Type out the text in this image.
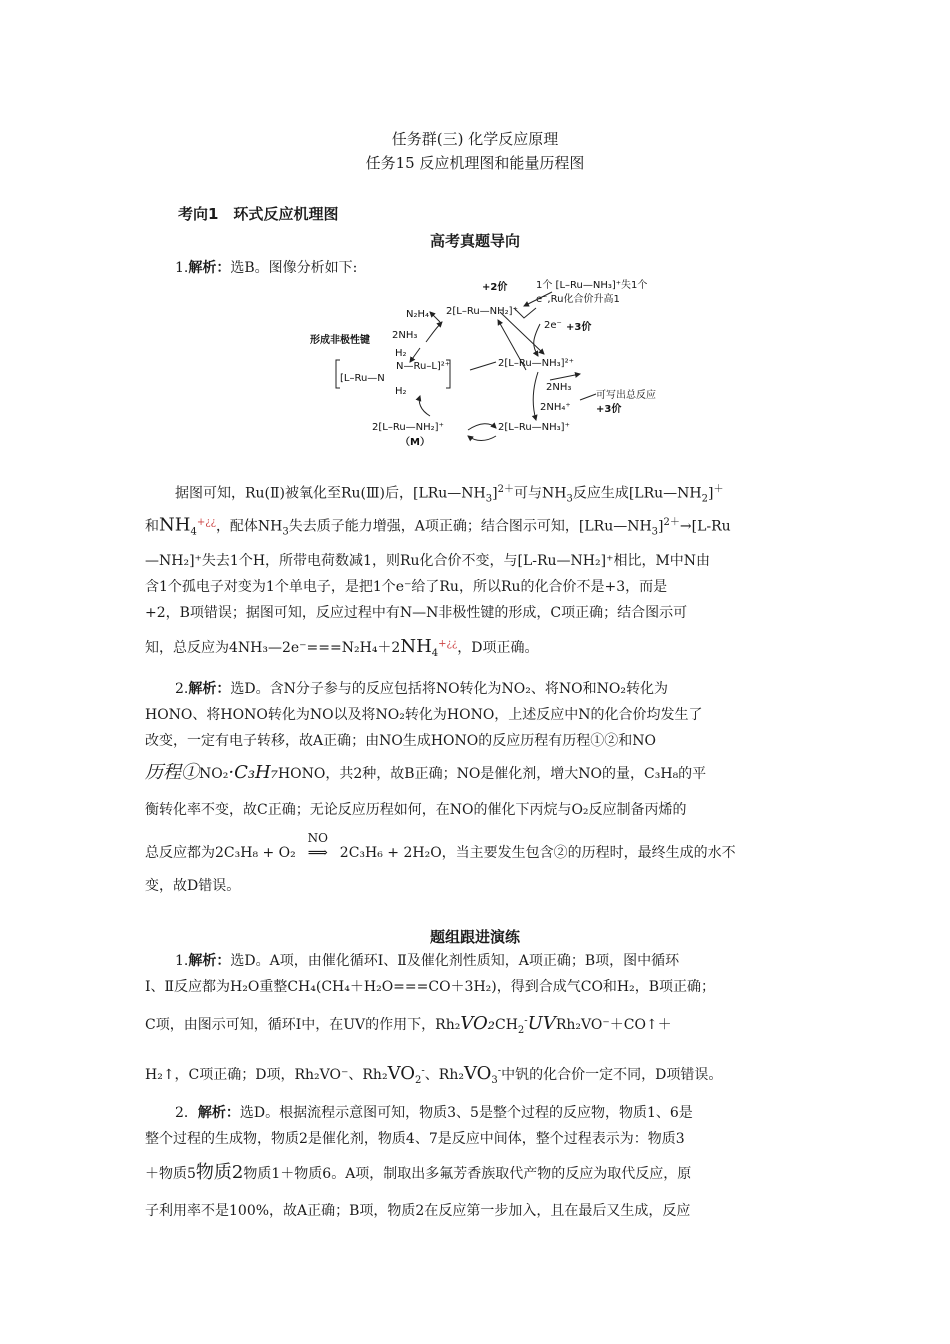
任务群(三) 化学反应原理
任务15 反应机理图和能量历程图
考向1　环式反应机理图
高考真题导向
1.解析：选B。图像分析如下:
+2价	1个 [L–Ru—NH₃]⁺失1个
e⁻,Ru化合价升高1
N₂H₄ 2[L–Ru—NH₂]⁺
2e⁻ +3价
2NH₃
形成非极性键
H₂
N—Ru–L]²⁺
[L–Ru—N
H₂
2[L–Ru—NH₃]²⁺
2NH₃
可写出总反应
2NH₄⁺	+3价
2[L–Ru—NH₂]⁺
（M）
2[L–Ru—NH₃]⁺
据图可知，Ru(Ⅱ)被氧化至Ru(Ⅲ)后，$[LRu—NH_3]^{2+}$可与$NH_3$反应生成$[LRu—NH_2]^+$
和$NH_4^{+¿¿}$，配体$NH_3$失去质子能力增强，A项正确；结合图示可知，$[LRu—NH_3]^{2+}\to[L-Ru$
—NH₂]⁺失去1个H，所带电荷数减1，则Ru化合价不变，与[L-Ru—NH₂]⁺相比，M中N由
含1个孤电子对变为1个单电子，是把1个e⁻给了Ru，所以Ru的化合价不是+3，而是
+2，B项错误；据图可知，反应过程中有N—N非极性键的形成，C项正确；结合图示可
知，总反应为$4NH_3—2e^-===N_2H_4+2NH_4^{+¿¿}$，D项正确。
2.解析：选D。含N分子参与的反应包括将NO转化为NO₂、将NO和NO₂转化为
HONO、将HONO转化为NO以及将NO₂转化为HONO，上述反应中N的化合价均发生了
改变，一定有电子转移，故A正确；由NO生成HONO的反应历程有历程①②和NO
历程①NO₂·C₃H₇HONO，共2种，故B正确；NO是催化剂，增大NO的量，C₃H₈的平
衡转化率不变，故C正确；无论反应历程如何，在NO的催化下丙烷与O₂反应制备丙烯的
总反应都为2C₃H₈ + O₂
NO
⟹ 2C₃H₆ + 2H₂O，当主要发生包含②的历程时，最终生成的水不
变，故D错误。
题组跟进演练
1.解析：选D。A项，由催化循环Ⅰ、Ⅱ及催化剂性质知，A项正确；B项，图中循环
Ⅰ、Ⅱ反应都为H₂O重整CH₄(CH₄＋H₂O===CO＋3H₂)，得到合成气CO和H₂，B项正确；
C项，由图示可知，循环Ⅰ中，在UV的作用下，$Rh_2VO_2CH_2^-UVRh_2VO^-+CO↑+$
H₂↑，C项正确；D项，Rh₂VO⁻、$Rh_2VO_2^-$、$Rh_2VO_3^-$中钒的化合价一定不同，D项错误。
2．解析：选D。根据流程示意图可知，物质3、5是整个过程的反应物，物质1、6是
整个过程的生成物，物质2是催化剂，物质4、7是反应中间体，整个过程表示为：物质3
＋物质5物质2物质1＋物质6。A项，制取出多氟芳香族取代产物的反应为取代反应，原
子利用率不是100%，故A正确；B项，物质2在反应第一步加入，且在最后又生成，反应
